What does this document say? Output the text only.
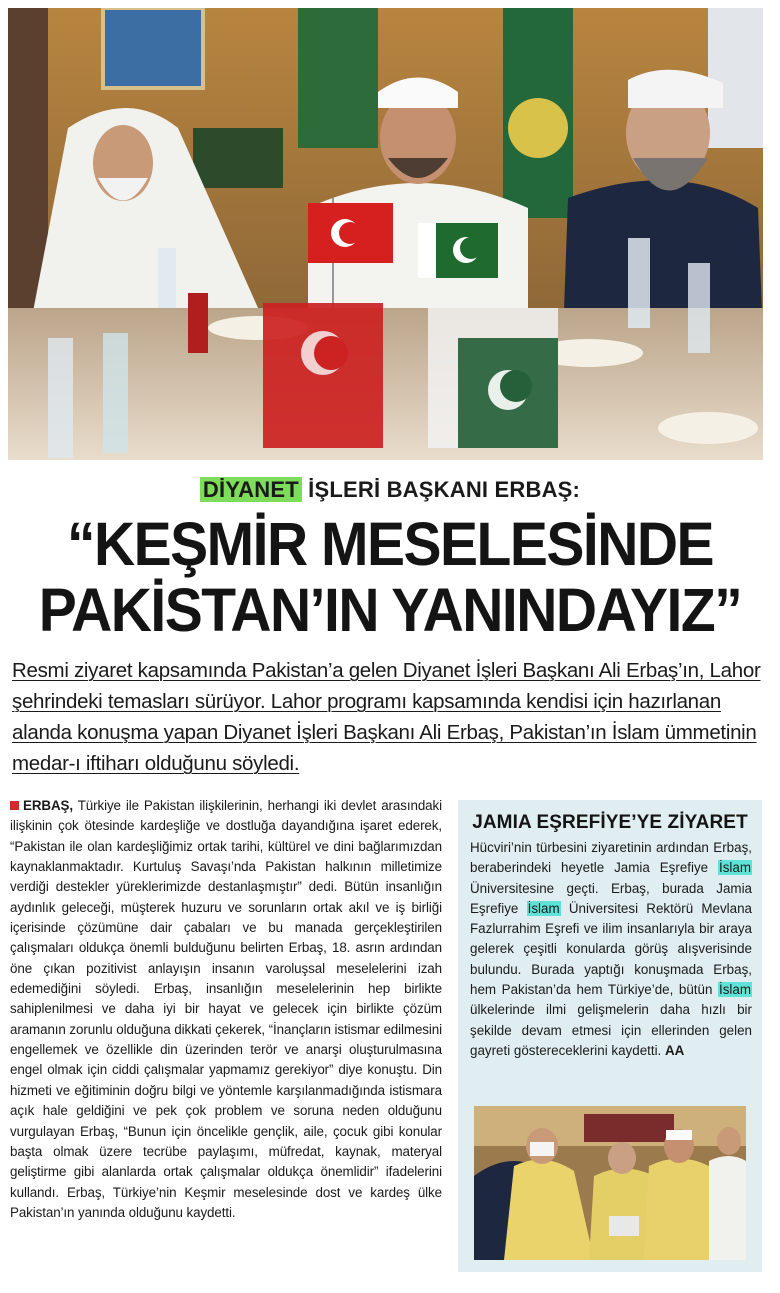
DİYANET İŞLERİ BAŞKANI ERBAŞ:
“KEŞMİR MESELESİNDE
PAKİSTAN’IN YANINDAYIZ”
Resmi ziyaret kapsamında Pakistan’a gelen Diyanet İşleri Başkanı Ali Erbaş’ın, Lahor şehrindeki temasları sürüyor. Lahor programı kapsamında kendisi için hazırlanan alanda konuşma yapan Diyanet İşleri Başkanı Ali Erbaş, Pakistan’ın İslam ümmetinin medar-ı iftiharı olduğunu söyledi.

ERBAŞ, Türkiye ile Pakistan ilişkilerinin, herhangi iki devlet arasındaki ilişkinin çok ötesinde kardeşliğe ve dostluğa dayandığına işaret ederek, “Pakistan ile olan kardeşliğimiz ortak tarihi, kültürel ve dini bağlarımızdan kaynaklanmaktadır. Kurtuluş Savaşı’nda Pakistan halkının milletimize verdiği destekler yüreklerimizde destanlaşmıştır” dedi. Bütün insanlığın aydınlık geleceği, müşterek huzuru ve sorunların ortak akıl ve iş birliği içerisinde çözümüne dair çabaları ve bu manada gerçekleştirilen çalışmaları oldukça önemli bulduğunu belirten Erbaş, 18. asrın ardından öne çıkan pozitivist anlayışın insanın varoluşsal meselelerini izah edemediğini söyledi. Erbaş, insanlığın meselelerinin hep birlikte sahiplenilmesi ve daha iyi bir hayat ve gelecek için birlikte çözüm aramanın zorunlu olduğuna dikkati çekerek, “İnançların istismar edilmesini engellemek ve özellikle din üzerinden terör ve anarşi oluşturulmasına engel olmak için ciddi çalışmalar yapmamız gerekiyor” diye konuştu. Din hizmeti ve eğitiminin doğru bilgi ve yöntemle karşılanmadığında istismara açık hale geldiğini ve pek çok problem ve soruna neden olduğunu vurgulayan Erbaş, “Bunun için öncelikle gençlik, aile, çocuk gibi konular başta olmak üzere tecrübe paylaşımı, müfredat, kaynak, materyal geliştirme gibi alanlarda ortak çalışmalar oldukça önemlidir” ifadelerini kullandı. Erbaş, Türkiye’nin Keşmir meselesinde dost ve kardeş ülke Pakistan’ın yanında olduğunu kaydetti.

JAMIA EŞREFİYE’YE ZİYARET
Hücviri’nin türbesini ziyaretinin ardından Erbaş, beraberindeki heyetle Jamia Eşrefiye İslam Üniversitesine geçti. Erbaş, burada Jamia Eşrefiye İslam Üniversitesi Rektörü Mevlana Fazlurrahim Eşrefi ve ilim insanlarıyla bir araya gelerek çeşitli konularda görüş alışverisinde bulundu. Burada yaptığı konuşmada Erbaş, hem Pakistan’da hem Türkiye’de, bütün İslam ülkelerinde ilmi gelişmelerin daha hızlı bir şekilde devam etmesi için ellerinden gelen gayreti göstereceklerini kaydetti. AA
